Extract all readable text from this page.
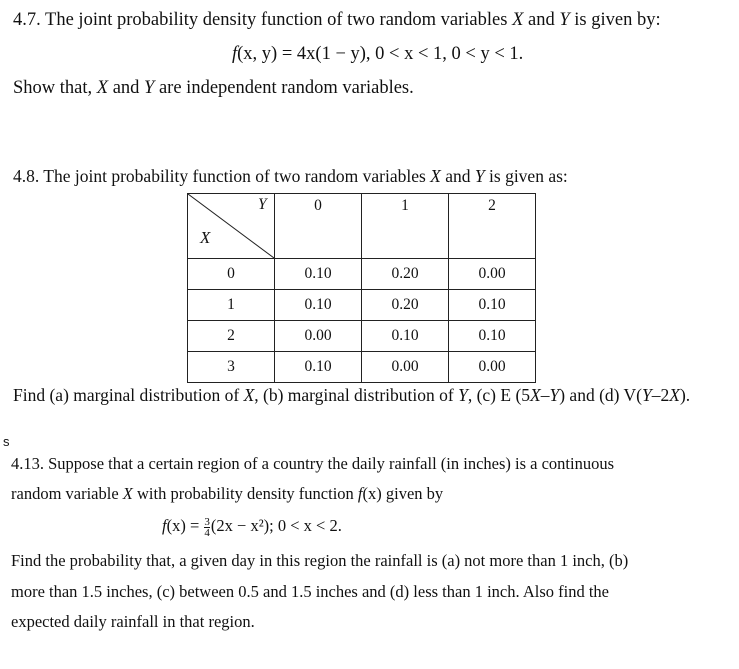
4.7. The joint probability density function of two random variables X and Y is given by:
f(x, y) = 4x(1 − y), 0 < x < 1, 0 < y < 1.
Show that, X and Y are independent random variables.
4.8. The joint probability function of two random variables X and Y is given as:
Y
X	0	1	2

0	0.10	0.20	0.00
1	0.10	0.20	0.10
2	0.00	0.10	0.10
3	0.10	0.00	0.00
Find (a) marginal distribution of X, (b) marginal distribution of Y, (c) E (5X–Y) and (d) V(Y–2X).
s
4.13. Suppose that a certain region of a country the daily rainfall (in inches) is a continuous
random variable X with probability density function f(x) given by
$f(x) = \frac{3}{4} (2x - x^2)$; 0 < x < 2.
Find the probability that, a given day in this region the rainfall is (a) not more than 1 inch, (b)
more than 1.5 inches, (c) between 0.5 and 1.5 inches and (d) less than 1 inch. Also find the
expected daily rainfall in that region.
